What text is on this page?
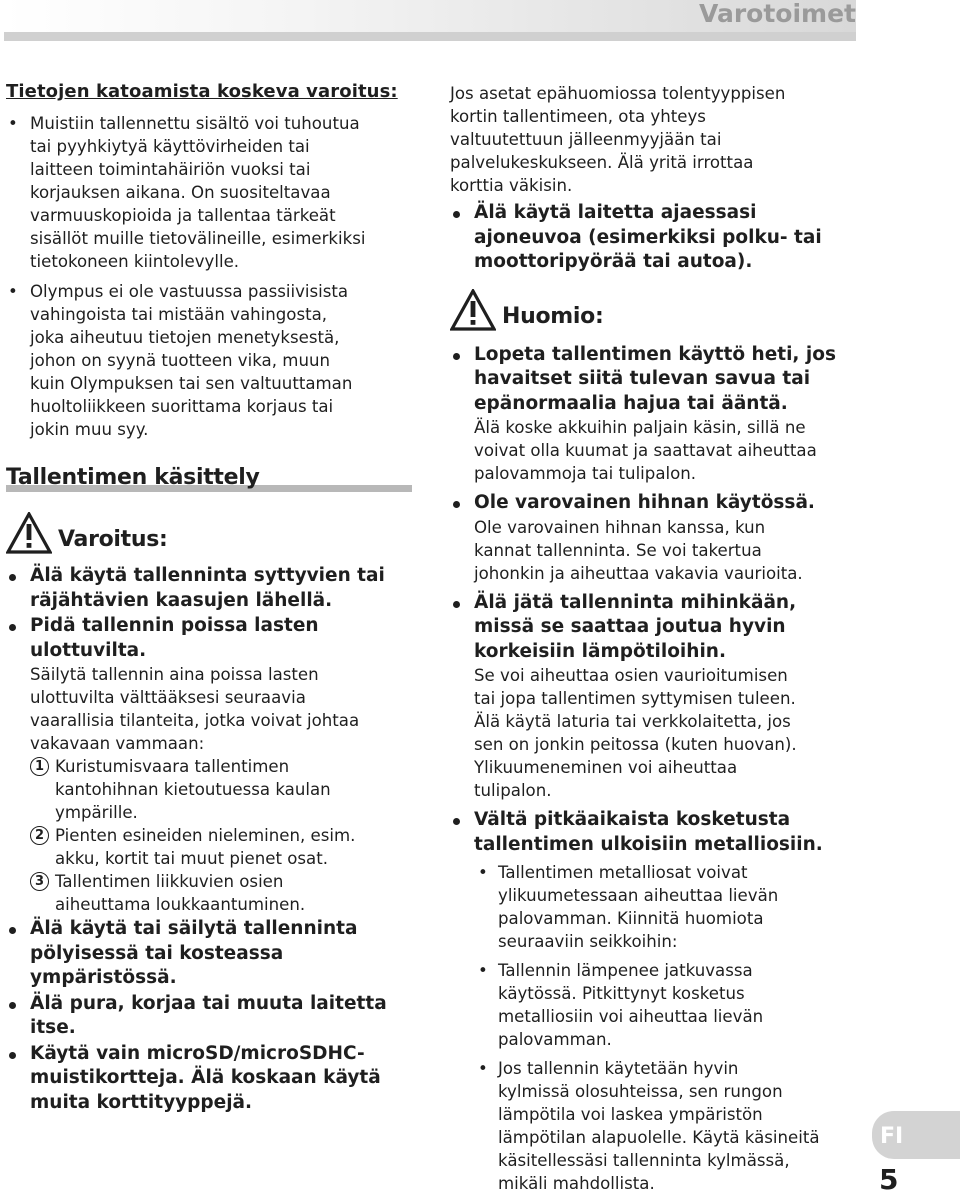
Varotoimet
Tietojen katoamista koskeva varoitus:
• Muistiin tallennettu sisältö voi tuhoutua
tai pyyhkiytyä käyttövirheiden tai
laitteen toimintahäiriön vuoksi tai
korjauksen aikana. On suositeltavaa
varmuuskopioida ja tallentaa tärkeät
sisällöt muille tietovälineille, esimerkiksi
tietokoneen kiintolevylle.
• Olympus ei ole vastuussa passiivisista
vahingoista tai mistään vahingosta,
joka aiheutuu tietojen menetyksestä,
johon on syynä tuotteen vika, muun
kuin Olympuksen tai sen valtuuttaman
huoltoliikkeen suorittama korjaus tai
jokin muu syy.
Tallentimen käsittely
Varoitus:
Älä käytä tallenninta syttyvien tai
räjähtävien kaasujen lähellä.
Pidä tallennin poissa lasten
ulottuvilta.
Säilytä tallennin aina poissa lasten
ulottuvilta välttääksesi seuraavia
vaarallisia tilanteita, jotka voivat johtaa
vakavaan vammaan:
1 Kuristumisvaara tallentimen
kantohihnan kietoutuessa kaulan
ympärille.
2 Pienten esineiden nieleminen, esim.
akku, kortit tai muut pienet osat.
3 Tallentimen liikkuvien osien
aiheuttama loukkaantuminen.
Älä käytä tai säilytä tallenninta
pölyisessä tai kosteassa
ympäristössä.
Älä pura, korjaa tai muuta laitetta
itse.
Käytä vain microSD/microSDHC-
muistikortteja. Älä koskaan käytä
muita korttityyppejä.
Jos asetat epähuomiossa tolentyyppisen
kortin tallentimeen, ota yhteys
valtuutettuun jälleenmyyjään tai
palvelukeskukseen. Älä yritä irrottaa
korttia väkisin.
Älä käytä laitetta ajaessasi
ajoneuvoa (esimerkiksi polku- tai
moottoripyörää tai autoa).
Huomio:
Lopeta tallentimen käyttö heti, jos
havaitset siitä tulevan savua tai
epänormaalia hajua tai ääntä.
Älä koske akkuihin paljain käsin, sillä ne
voivat olla kuumat ja saattavat aiheuttaa
palovammoja tai tulipalon.
Ole varovainen hihnan käytössä.
Ole varovainen hihnan kanssa, kun
kannat tallenninta. Se voi takertua
johonkin ja aiheuttaa vakavia vaurioita.
Älä jätä tallenninta mihinkään,
missä se saattaa joutua hyvin
korkeisiin lämpötiloihin.
Se voi aiheuttaa osien vaurioitumisen
tai jopa tallentimen syttymisen tuleen.
Älä käytä laturia tai verkkolaitetta, jos
sen on jonkin peitossa (kuten huovan).
Ylikuumeneminen voi aiheuttaa
tulipalon.
Vältä pitkäaikaista kosketusta
tallentimen ulkoisiin metalliosiin.
• Tallentimen metalliosat voivat
ylikuumetessaan aiheuttaa lievän
palovamman. Kiinnitä huomiota
seuraaviin seikkoihin:
• Tallennin lämpenee jatkuvassa
käytössä. Pitkittynyt kosketus
metalliosiin voi aiheuttaa lievän
palovamman.
• Jos tallennin käytetään hyvin
kylmissä olosuhteissa, sen rungon
lämpötila voi laskea ympäristön
lämpötilan alapuolelle. Käytä käsineitä
käsitellessäsi tallenninta kylmässä,
mikäli mahdollista.
FI
5
